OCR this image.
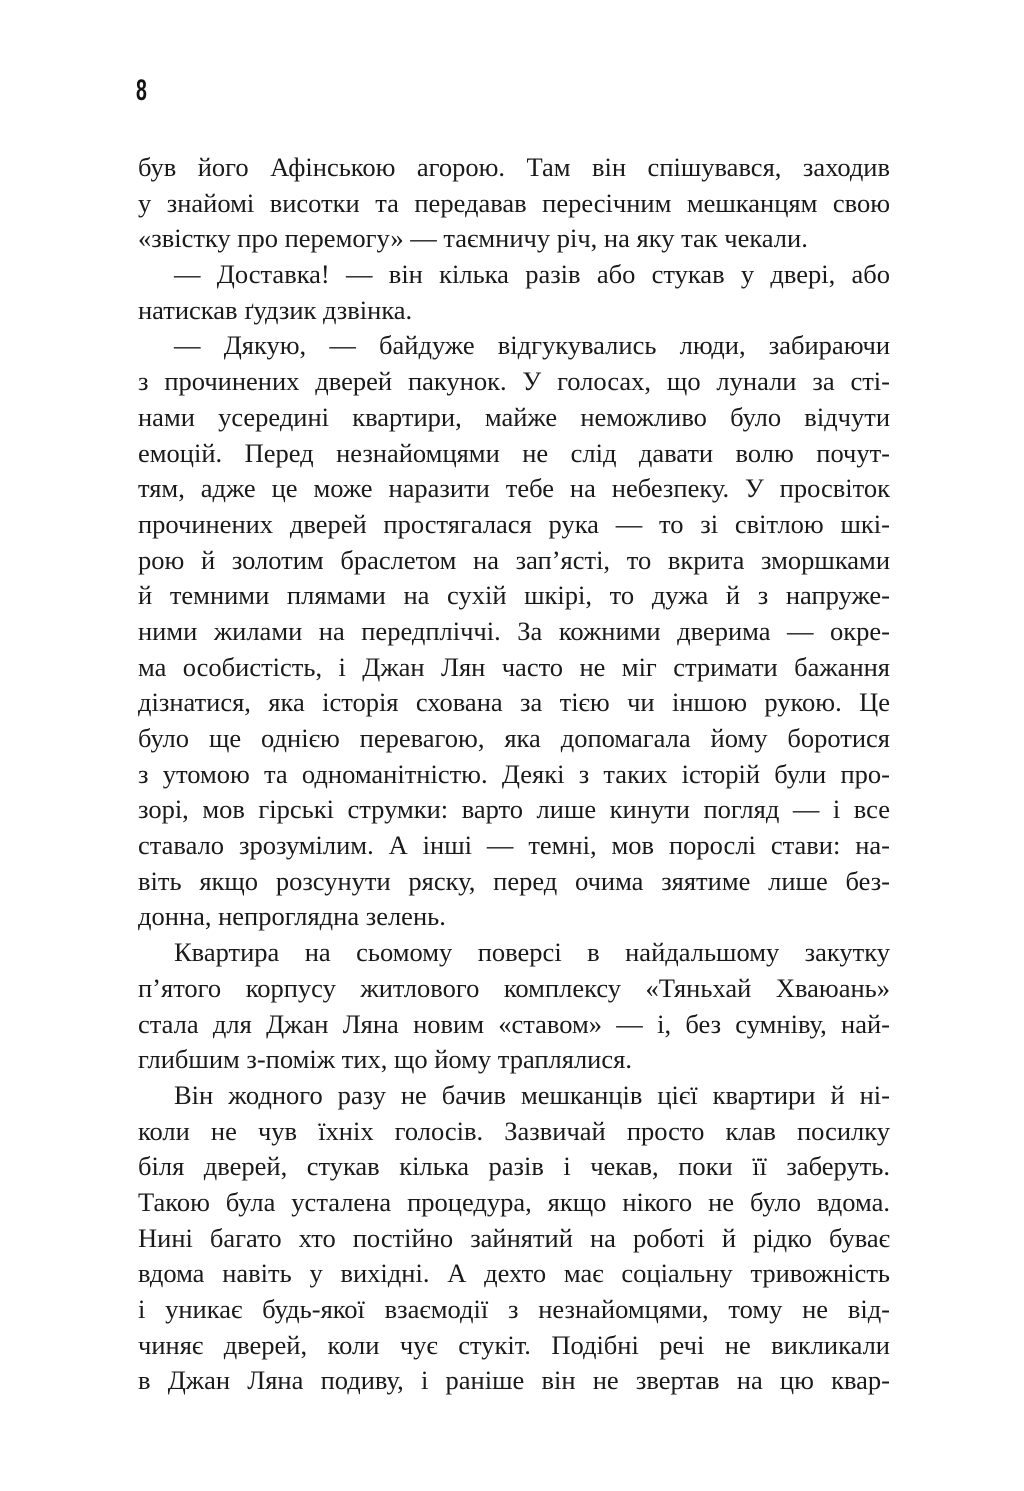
8
був його Афінською агорою. Там він спішувався, заходив
у знайомі висотки та передавав пересічним мешканцям свою
«звістку про перемогу» — таємничу річ, на яку так чекали.
— Доставка! — він кілька разів або стукав у двері, або
натискав ґудзик дзвінка.
— Дякую, — байдуже відгукувались люди, забираючи
з прочинених дверей пакунок. У голосах, що лунали за сті-
нами усередині квартири, майже неможливо було відчути
емоцій. Перед незнайомцями не слід давати волю почут-
тям, адже це може наразити тебе на небезпеку. У просвіток
прочинених дверей простягалася рука — то зі світлою шкі-
рою й золотим браслетом на зап’ясті, то вкрита зморшками
й темними плямами на сухій шкірі, то дужа й з напруже-
ними жилами на передпліччі. За кожними дверима — окре-
ма особистість, і Джан Лян часто не міг стримати бажання
дізнатися, яка історія схована за тією чи іншою рукою. Це
було ще однією перевагою, яка допомагала йому боротися
з утомою та одноманітністю. Деякі з таких історій були про-
зорі, мов гірські струмки: варто лише кинути погляд — і все
ставало зрозумілим. А інші — темні, мов порослі стави: на-
віть якщо розсунути ряску, перед очима зяятиме лише без-
донна, непроглядна зелень.
Квартира на сьомому поверсі в найдальшому закутку
п’ятого корпусу житлового комплексу «Тяньхай Хваюань»
стала для Джан Ляна новим «ставом» — і, без сумніву, най-
глибшим з-поміж тих, що йому траплялися.
Він жодного разу не бачив мешканців цієї квартири й ні-
коли не чув їхніх голосів. Зазвичай просто клав посилку
біля дверей, стукав кілька разів і чекав, поки її заберуть.
Такою була усталена процедура, якщо нікого не було вдома.
Нині багато хто постійно зайнятий на роботі й рідко буває
вдома навіть у вихідні. А дехто має соціальну тривожність
і уникає будь-якої взаємодії з незнайомцями, тому не від-
чиняє дверей, коли чує стукіт. Подібні речі не викликали
в Джан Ляна подиву, і раніше він не звертав на цю квар-
